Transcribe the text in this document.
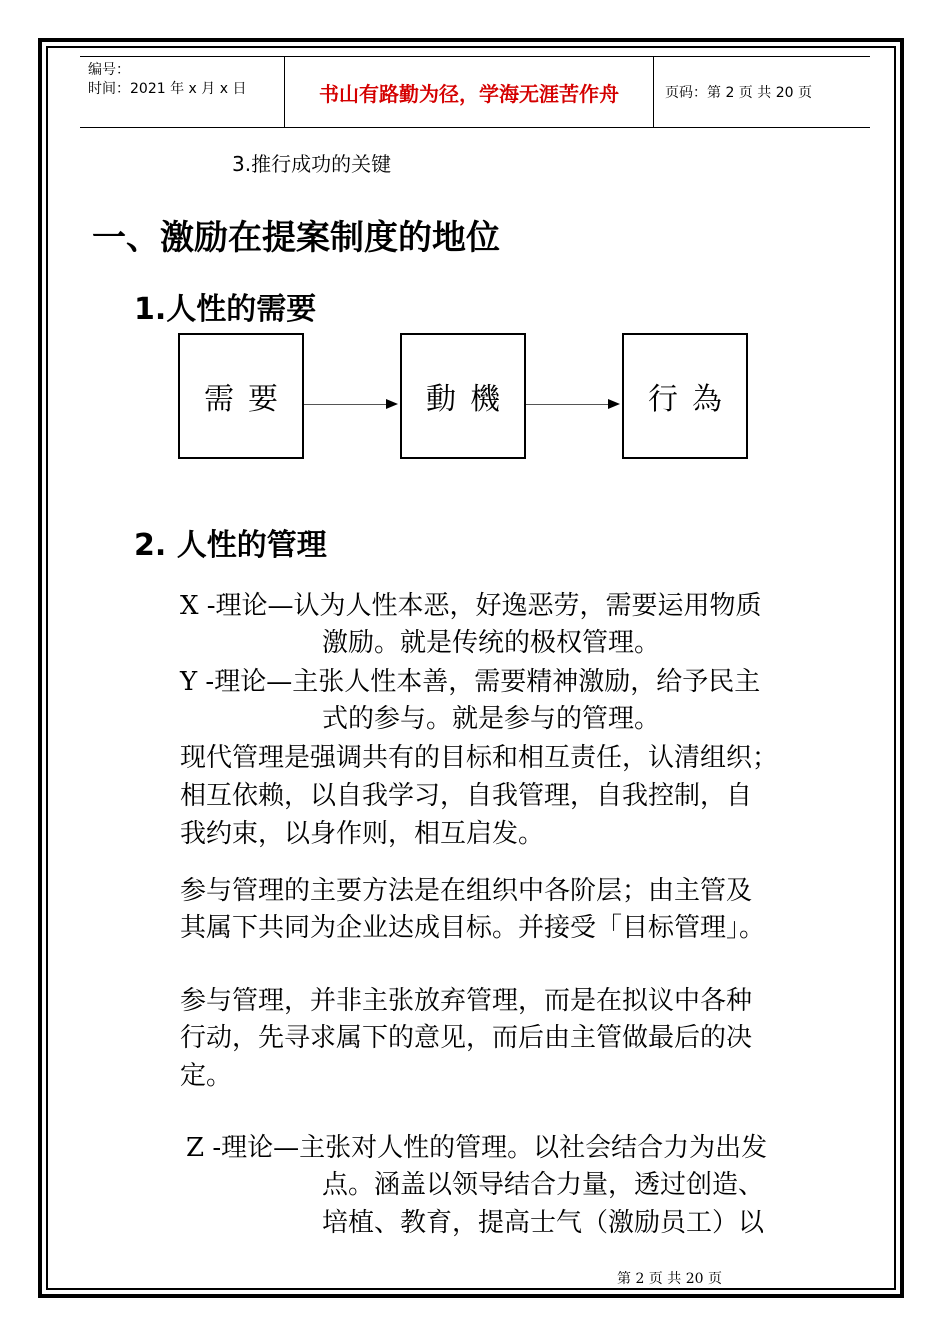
编号：
时间：2021 年 x 月 x 日	书山有路勤为径，学海无涯苦作舟	页码：第 2 页 共 20 页
3.推行成功的关键
一、激励在提案制度的地位
1.人性的需要
需要	動機	行為
2. 人性的管理
X -理论—认为人性本恶，好逸恶劳，需要运用物质
激励。就是传统的极权管理。
Y -理论—主张人性本善，需要精神激励，给予民主
式的参与。就是参与的管理。
现代管理是强调共有的目标和相互责任，认清组织；
相互依赖，以自我学习，自我管理，自我控制，自
我约束，以身作则，相互启发。
参与管理的主要方法是在组织中各阶层；由主管及
其属下共同为企业达成目标。并接受「目标管理」。
参与管理，并非主张放弃管理，而是在拟议中各种
行动，先寻求属下的意见，而后由主管做最后的决
定。
Z -理论—主张对人性的管理。以社会结合力为出发
点。涵盖以领导结合力量，透过创造、
培植、教育，提高士气（激励员工）以
第 2 页 共 20 页
